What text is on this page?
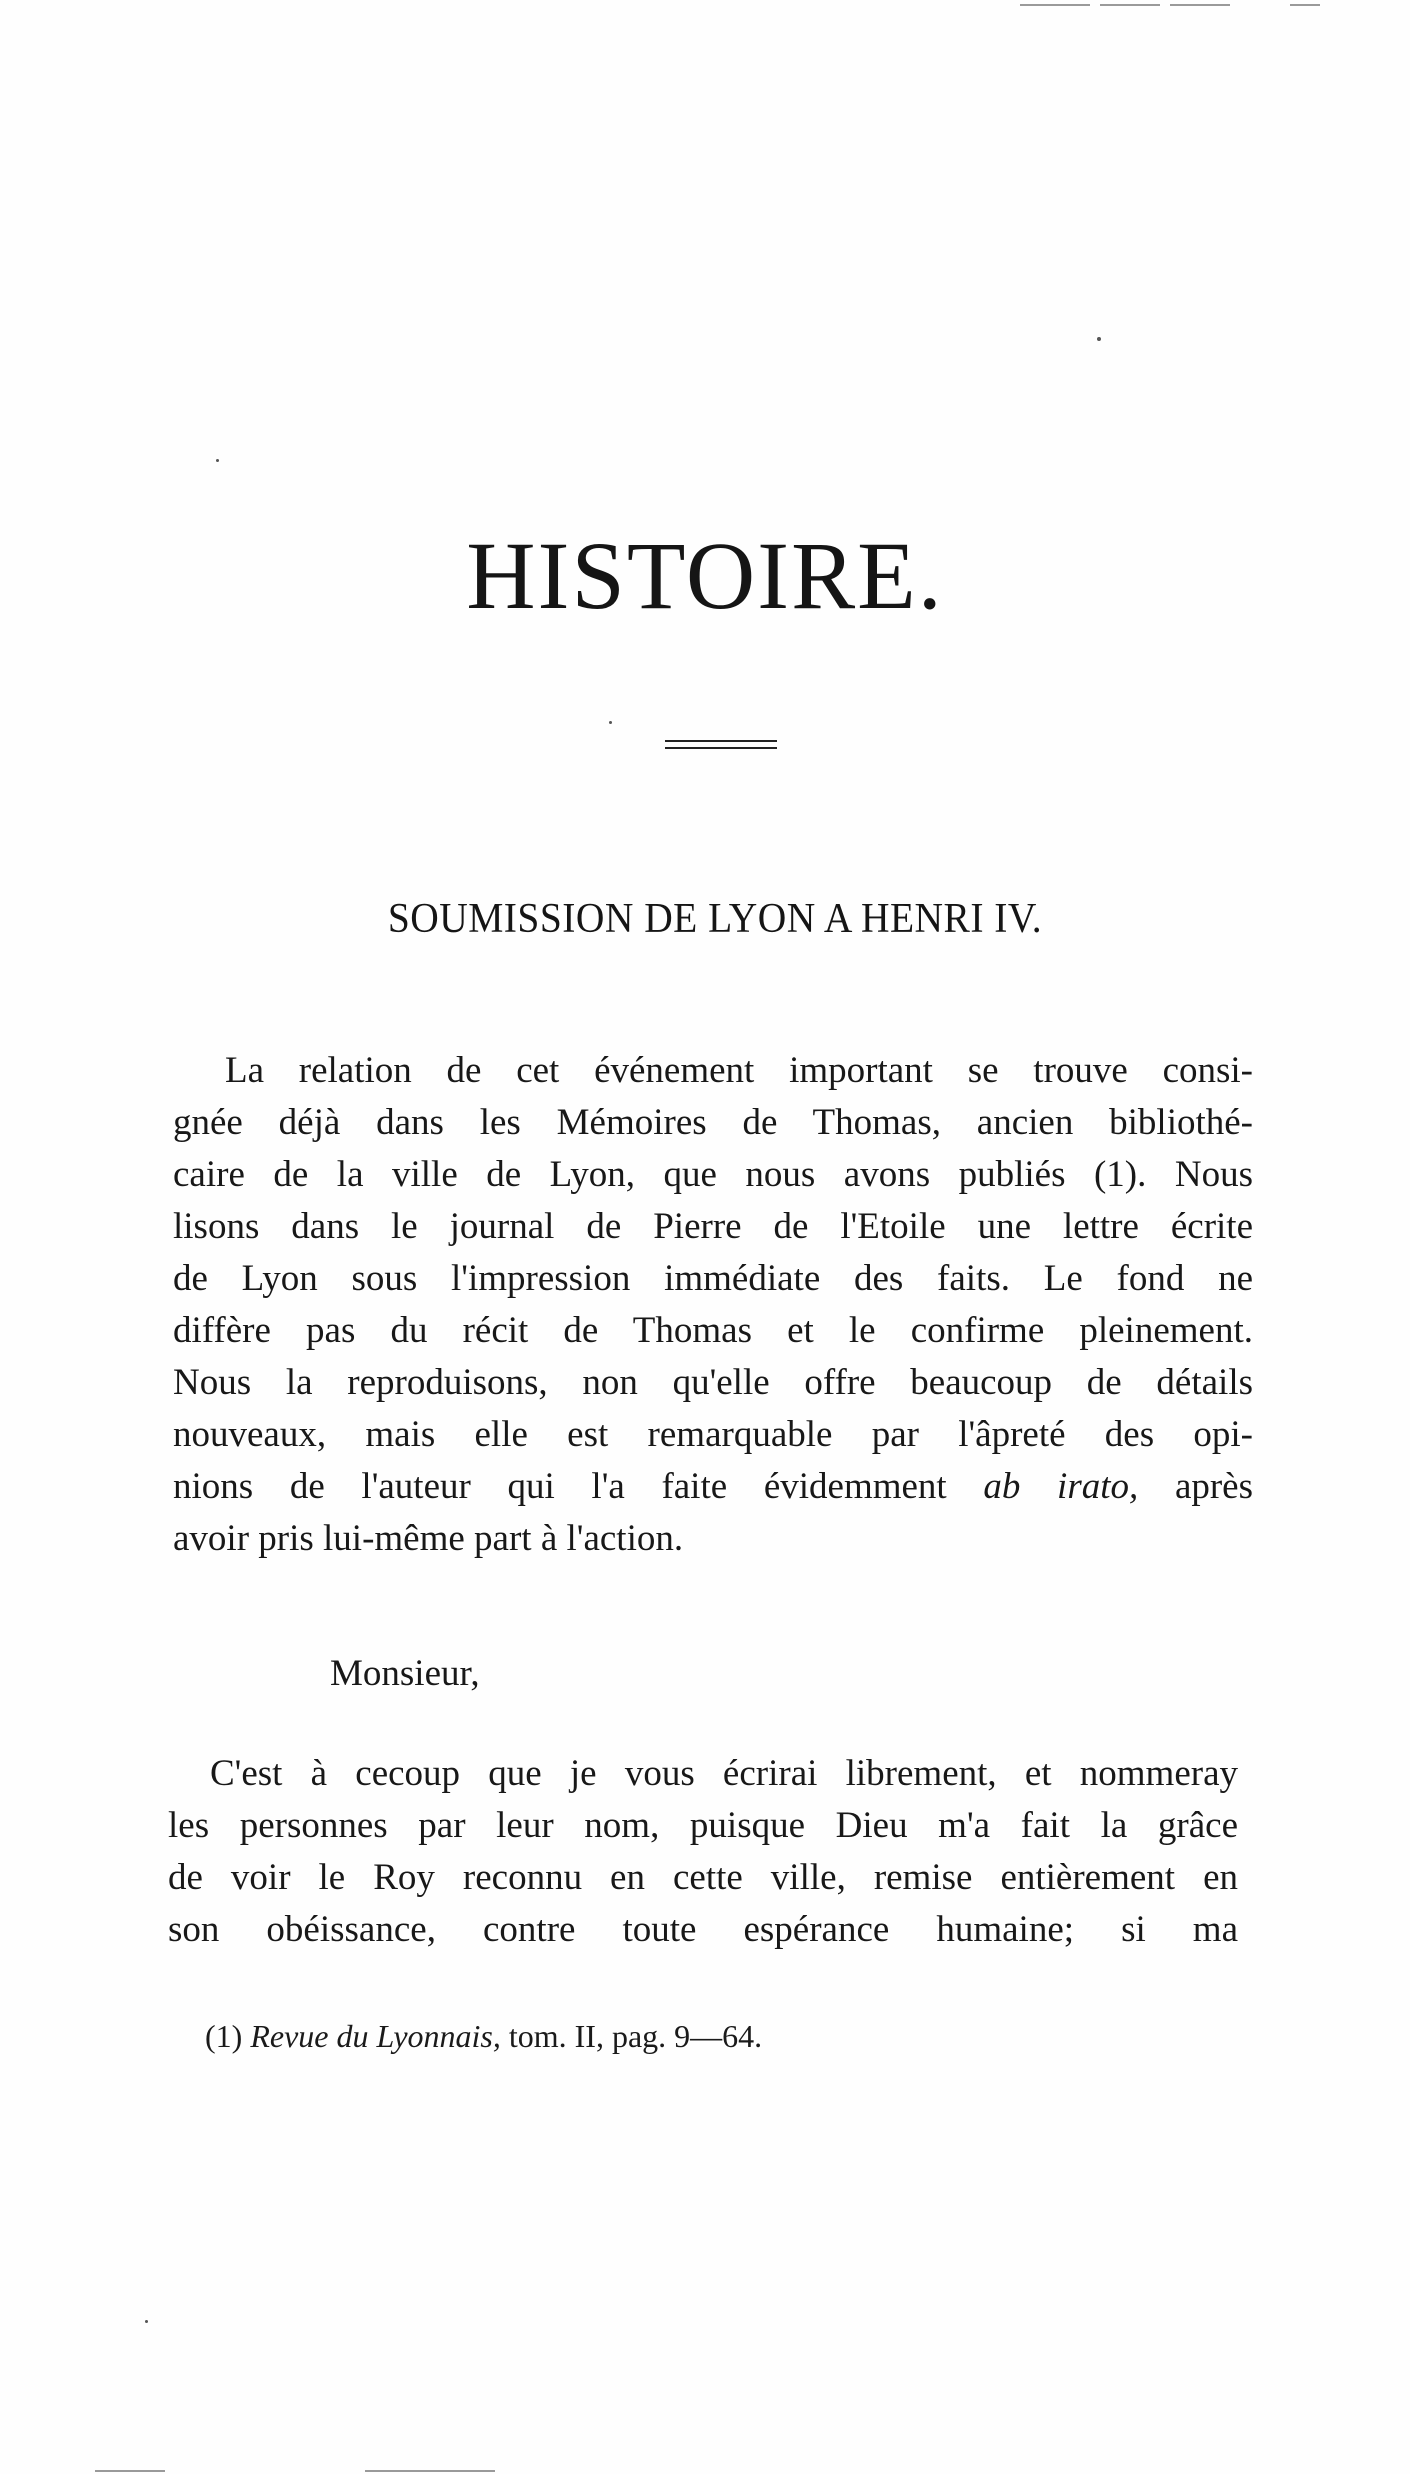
HISTOIRE.
SOUMISSION DE LYON A HENRI IV.
La relation de cet événement important se trouve consi-
gnée déjà dans les Mémoires de Thomas, ancien bibliothé-
caire de la ville de Lyon, que nous avons publiés (1). Nous
lisons dans le journal de Pierre de l'Etoile une lettre écrite
de Lyon sous l'impression immédiate des faits. Le fond ne
diffère pas du récit de Thomas et le confirme pleinement.
Nous la reproduisons, non qu'elle offre beaucoup de détails
nouveaux, mais elle est remarquable par l'âpreté des opi-
nions de l'auteur qui l'a faite évidemment ab irato, après
avoir pris lui-même part à l'action.
Monsieur,
C'est à cecoup que je vous écrirai librement, et nommeray
les personnes par leur nom, puisque Dieu m'a fait la grâce
de voir le Roy reconnu en cette ville, remise entièrement en
son obéissance, contre toute espérance humaine; si ma
(1) Revue du Lyonnais, tom. II, pag. 9—64.
